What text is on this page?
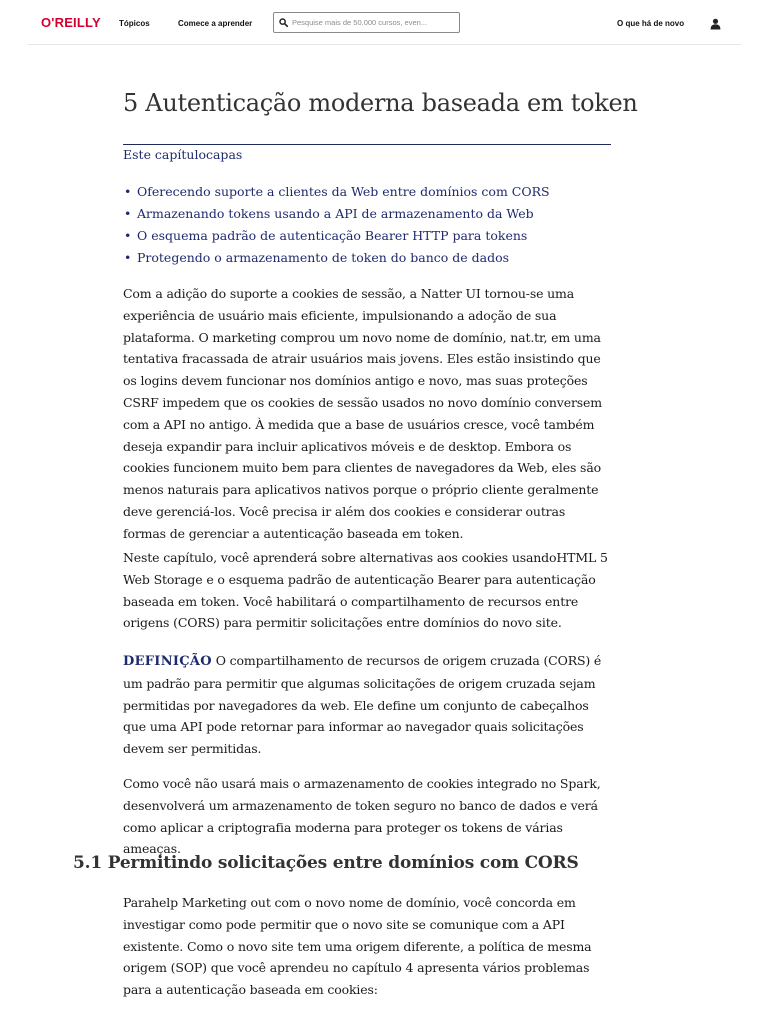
O'REILLY Tópicos	Comece a aprender
Pesquise mais de 50.000 cursos, even...	O que há de novo
5 Autenticação moderna baseada em token
Este capítulocapas
• Oferecendo suporte a clientes da Web entre domínios com CORS
• Armazenando tokens usando a API de armazenamento da Web
• O esquema padrão de autenticação Bearer HTTP para tokens
• Protegendo o armazenamento de token do banco de dados

Com a adição do suporte a cookies de sessão, a Natter UI tornou-se uma experiência de usuário mais eficiente, impulsionando a adoção de sua plataforma. O marketing comprou um novo nome de domínio, nat.tr, em uma tentativa fracassada de atrair usuários mais jovens. Eles estão insistindo que os logins devem funcionar nos domínios antigo e novo, mas suas proteções CSRF impedem que os cookies de sessão usados no novo domínio conversem com a API no antigo. À medida que a base de usuários cresce, você também deseja expandir para incluir aplicativos móveis e de desktop. Embora os cookies funcionem muito bem para clientes de navegadores da Web, eles são menos naturais para aplicativos nativos porque o próprio cliente geralmente deve gerenciá-los. Você precisa ir além dos cookies e considerar outras formas de gerenciar a autenticação baseada em token.

Neste capítulo, você aprenderá sobre alternativas aos cookies usandoHTML 5 Web Storage e o esquema padrão de autenticação Bearer para autenticação baseada em token. Você habilitará o compartilhamento de recursos entre origens (CORS) para permitir solicitações entre domínios do novo site.

DEFINIÇÃO O compartilhamento de recursos de origem cruzada (CORS) é um padrão para permitir que algumas solicitações de origem cruzada sejam permitidas por navegadores da web. Ele define um conjunto de cabeçalhos que uma API pode retornar para informar ao navegador quais solicitações devem ser permitidas.

Como você não usará mais o armazenamento de cookies integrado no Spark, desenvolverá um armazenamento de token seguro no banco de dados e verá como aplicar a criptografia moderna para proteger os tokens de várias ameaças.

5.1 Permitindo solicitações entre domínios com CORS

Parahelp Marketing out com o novo nome de domínio, você concorda em investigar como pode permitir que o novo site se comunique com a API existente. Como o novo site tem uma origem diferente, a política de mesma origem (SOP) que você aprendeu no capítulo 4 apresenta vários problemas para a autenticação baseada em cookies:
